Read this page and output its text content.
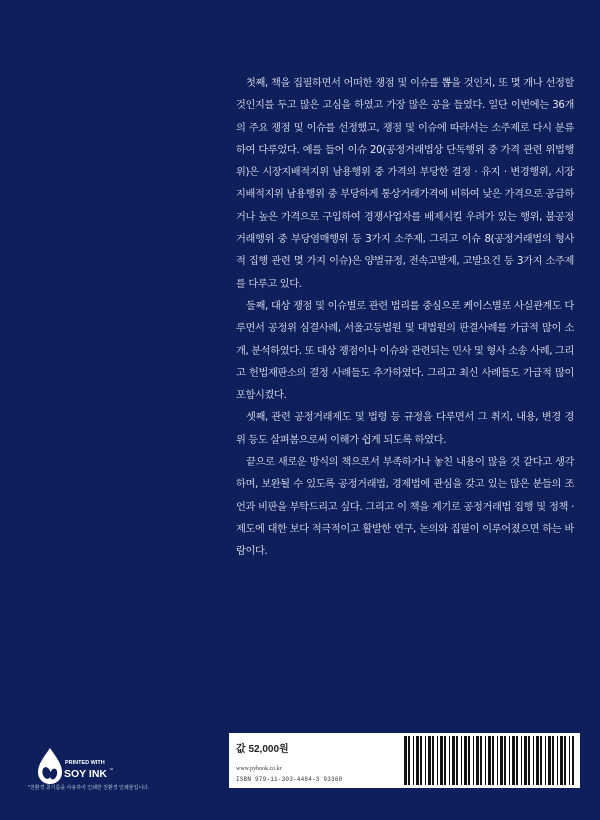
첫째, 책을 집필하면서 어떠한 쟁점 및 이슈를 뽑을 것인지, 또 몇 개나 선정할 것인지를 두고 많은 고심을 하였고 가장 많은 공을 들였다. 일단 이번에는 36개의 주요 쟁점 및 이슈를 선정했고, 쟁점 및 이슈에 따라서는 소주제로 다시 분류하여 다루었다. 예를 들어 이슈 20(공정거래법상 단독행위 중 가격 관련 위법행위)은 시장지배적지위 남용행위 중 가격의 부당한 결정 · 유지 · 변경행위, 시장지배적지위 남용행위 중 부당하게 통상거래가격에 비하여 낮은 가격으로 공급하거나 높은 가격으로 구입하여 경쟁사업자를 배제시킬 우려가 있는 행위, 불공정거래행위 중 부당염매행위 등 3가지 소주제, 그리고 이슈 8(공정거래법의 형사적 집행 관련 몇 가지 이슈)은 양벌규정, 전속고발제, 고발요건 등 3가지 소주제를 다루고 있다.

둘째, 대상 쟁점 및 이슈별로 관련 법리를 중심으로 케이스별로 사실관계도 다루면서 공정위 심결사례, 서울고등법원 및 대법원의 판결사례를 가급적 많이 소개, 분석하였다. 또 대상 쟁점이나 이슈와 관련되는 민사 및 형사 소송 사례, 그리고 헌법재판소의 결정 사례들도 추가하였다. 그리고 최신 사례들도 가급적 많이 포함시켰다.

셋째, 관련 공정거래제도 및 법령 등 규정을 다루면서 그 취지, 내용, 변경 경위 등도 살펴봄으로써 이해가 쉽게 되도록 하였다.

끝으로 새로운 방식의 책으로서 부족하거나 놓친 내용이 많을 것 같다고 생각하며, 보완될 수 있도록 공정거래법, 경제법에 관심을 갖고 있는 많은 분들의 조언과 비판을 부탁드리고 싶다. 그리고 이 책을 계기로 공정거래법 집행 및 정책 · 제도에 대한 보다 적극적이고 활발한 연구, 논의와 집필이 이루어졌으면 하는 바람이다.

PRINTED WITH
SOY INK ™
*친환경 콩기름을 사용하여 인쇄한 친환경 인쇄물입니다.
값 52,000원
www.pybook.co.kr
ISBN 979-11-303-4484-3 93360
